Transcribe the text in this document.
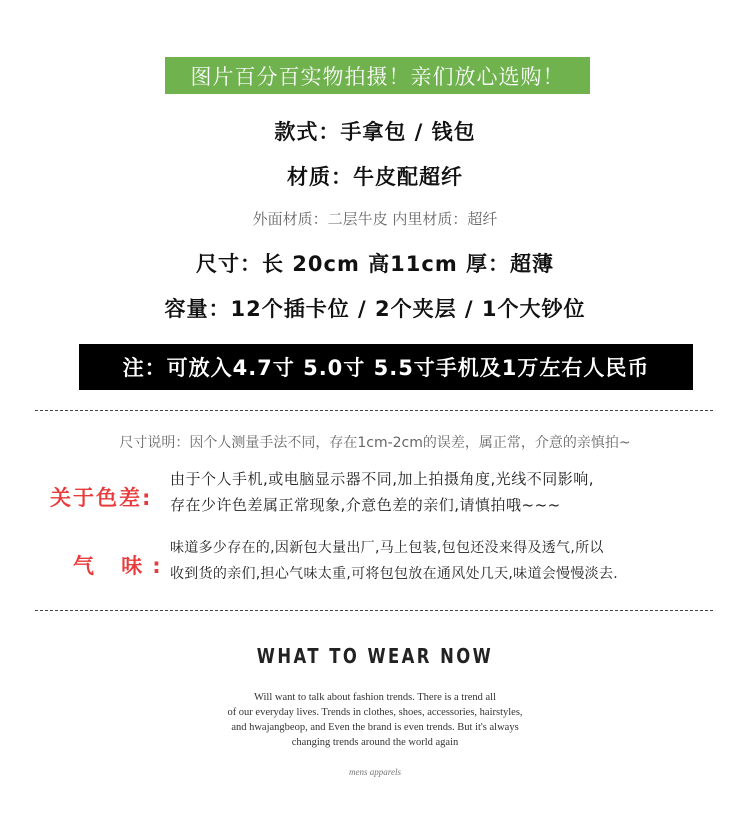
图片百分百实物拍摄！亲们放心选购！
款式：手拿包 / 钱包
材质：牛皮配超纤
外面材质：二层牛皮 内里材质：超纤
尺寸：长 20cm 高11cm 厚：超薄
容量：12个插卡位 / 2个夹层 / 1个大钞位
注：可放入4.7寸 5.0寸 5.5寸手机及1万左右人民币
尺寸说明：因个人测量手法不同，存在1cm-2cm的误差，属正常，介意的亲慎拍~
关于色差:
由于个人手机,或电脑显示器不同,加上拍摄角度,光线不同影响,
存在少许色差属正常现象,介意色差的亲们,请慎拍哦~~~
气 味:
味道多少存在的,因新包大量出厂,马上包装,包包还没来得及透气,所以
收到货的亲们,担心气味太重,可将包包放在通风处几天,味道会慢慢淡去.
WHAT TO WEAR NOW
Will want to talk about fashion trends. There is a trend all
of our everyday lives. Trends in clothes, shoes, accessories, hairstyles,
and hwajangbeop, and Even the brand is even trends. But it's always
changing trends around the world again
mens apparels
